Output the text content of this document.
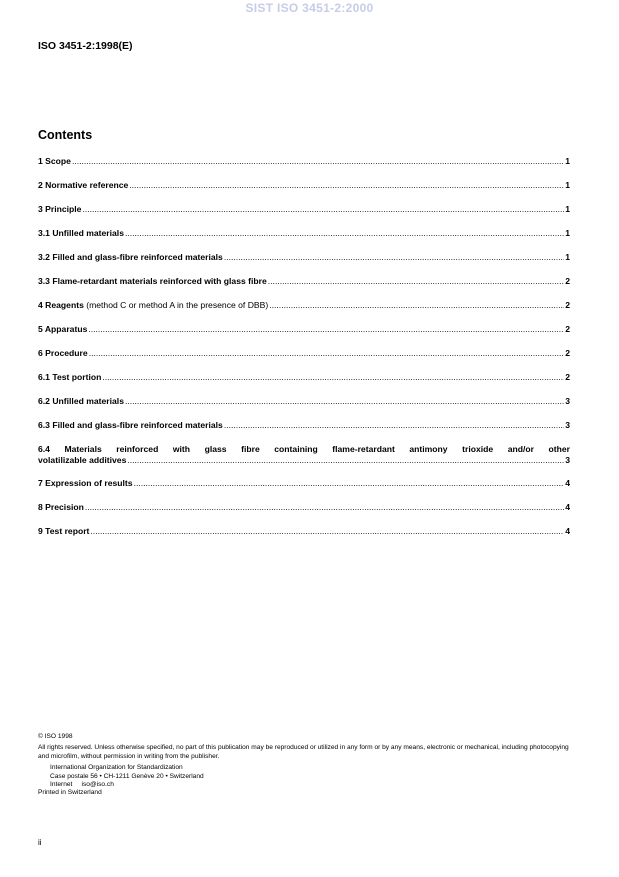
SIST ISO 3451-2:2000
ISO 3451-2:1998(E)
Contents
1 Scope .....	1
2 Normative reference .....	1
3 Principle .....	1
3.1 Unfilled materials .....	1
3.2 Filled and glass-fibre reinforced materials .....	1
3.3 Flame-retardant materials reinforced with glass fibre .....	2
4 Reagents (method C or method A in the presence of DBB) .....	2
5 Apparatus .....	2
6 Procedure .....	2
6.1 Test portion .....	2
6.2 Unfilled materials .....	3
6.3 Filled and glass-fibre reinforced materials .....	3
6.4 Materials reinforced with glass fibre containing flame-retardant antimony trioxide and/or other
volatilizable additives .....	3
7 Expression of results .....	4
8 Precision .....	4
9 Test report .....	4
© ISO 1998
All rights reserved. Unless otherwise specified, no part of this publication may be reproduced or utilized in any form or by any means, electronic or mechanical, including photocopying and microfilm, without permission in writing from the publisher.
International Organization for Standardization
Case postale 56 • CH-1211 Genève 20 • Switzerland
Internet iso@iso.ch
Printed in Switzerland
ii
